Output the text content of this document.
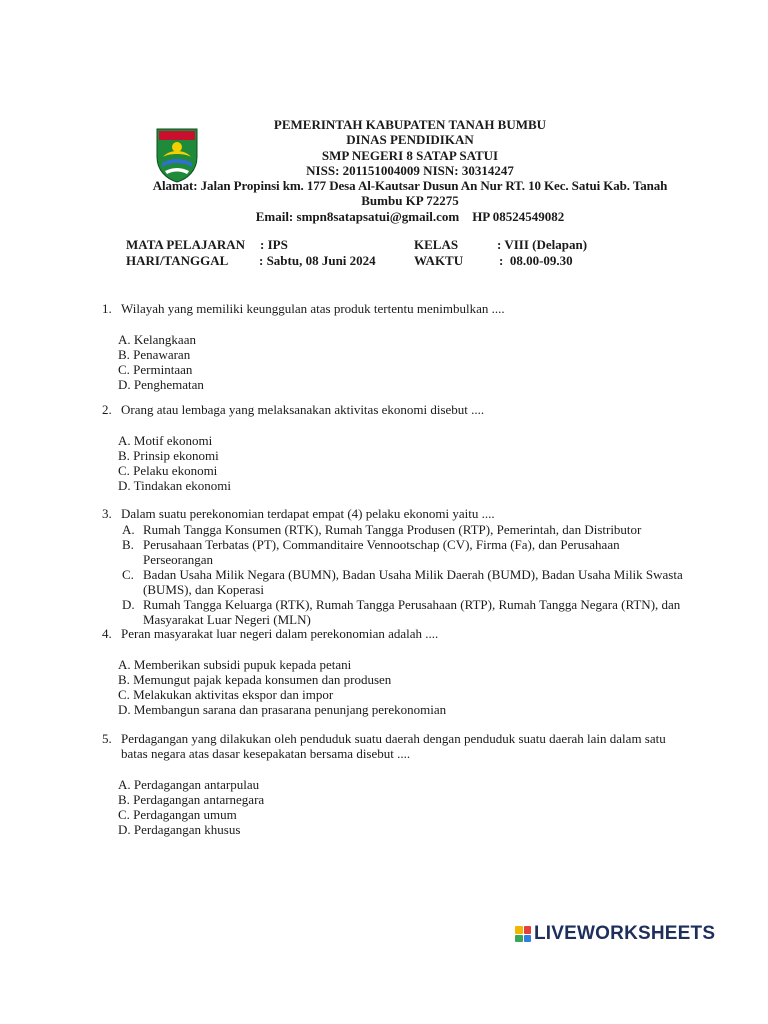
PEMERINTAH KABUPATEN TANAH BUMBU
DINAS PENDIDIKAN
SMP NEGERI 8 SATAP SATUI
NISS: 201151004009 NISN: 30314247
Alamat: Jalan Propinsi km. 177 Desa Al-Kautsar Dusun An Nur RT. 10 Kec. Satui Kab. Tanah
Bumbu KP 72275
Email: smpn8satapsatui@gmail.com    HP 08524549082
MATA PELAJARAN : IPS	KELAS	: VIII (Delapan)
HARI/TANGGAL : Sabtu, 08 Juni 2024	WAKTU	:  08.00-09.30
1. Wilayah yang memiliki keunggulan atas produk tertentu menimbulkan ....
A. Kelangkaan
B. Penawaran
C. Permintaan
D. Penghematan
2. Orang atau lembaga yang melaksanakan aktivitas ekonomi disebut ....
A. Motif ekonomi
B. Prinsip ekonomi
C. Pelaku ekonomi
D. Tindakan ekonomi
3. Dalam suatu perekonomian terdapat empat (4) pelaku ekonomi yaitu ....
A. Rumah Tangga Konsumen (RTK), Rumah Tangga Produsen (RTP), Pemerintah, dan Distributor
B. Perusahaan Terbatas (PT), Commanditaire Vennootschap (CV), Firma (Fa), dan Perusahaan Perseorangan
C. Badan Usaha Milik Negara (BUMN), Badan Usaha Milik Daerah (BUMD), Badan Usaha Milik Swasta (BUMS), dan Koperasi
D. Rumah Tangga Keluarga (RTK), Rumah Tangga Perusahaan (RTP), Rumah Tangga Negara (RTN), dan Masyarakat Luar Negeri (MLN)
4. Peran masyarakat luar negeri dalam perekonomian adalah ....
A. Memberikan subsidi pupuk kepada petani
B. Memungut pajak kepada konsumen dan produsen
C. Melakukan aktivitas ekspor dan impor
D. Membangun sarana dan prasarana penunjang perekonomian
5. Perdagangan yang dilakukan oleh penduduk suatu daerah dengan penduduk suatu daerah lain dalam satu batas negara atas dasar kesepakatan bersama disebut ....
A. Perdagangan antarpulau
B. Perdagangan antarnegara
C. Perdagangan umum
D. Perdagangan khusus
LIVEWORKSHEETS
